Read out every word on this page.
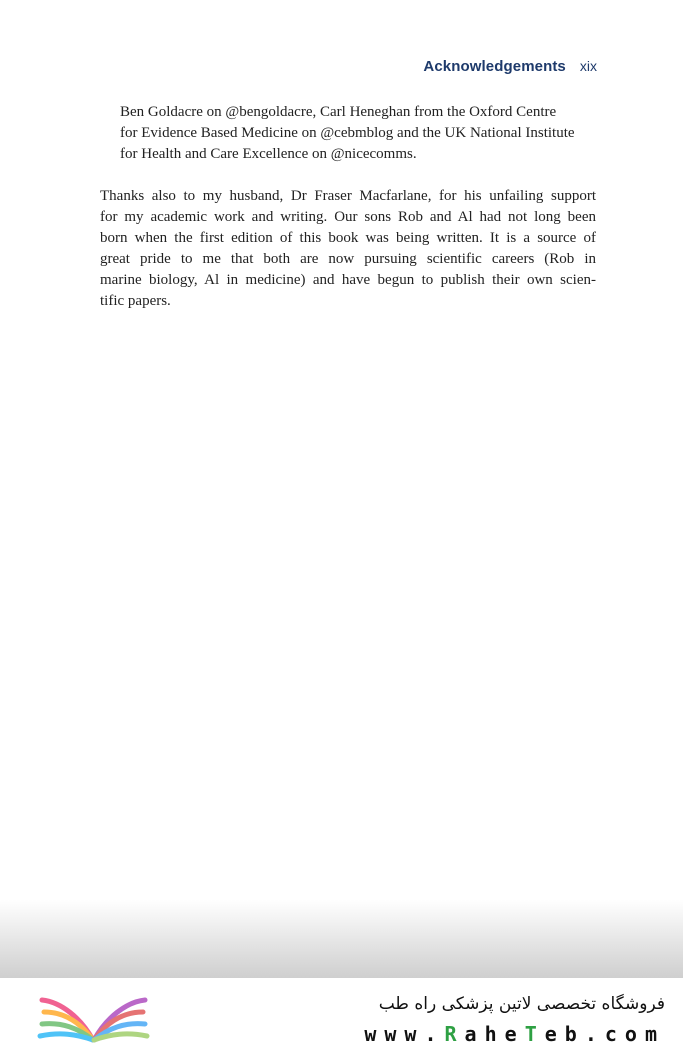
Acknowledgements xix

Ben Goldacre on @bengoldacre, Carl Heneghan from the Oxford Centre
for Evidence Based Medicine on @cebmblog and the UK National Institute
for Health and Care Excellence on @nicecomms.

Thanks also to my husband, Dr Fraser Macfarlane, for his unfailing support
for my academic work and writing. Our sons Rob and Al had not long been
born when the first edition of this book was being written. It is a source of
great pride to me that both are now pursuing scientific careers (Rob in
marine biology, Al in medicine) and have begun to publish their own scien-
tific papers.

فروشگاه تخصصی لاتین پزشکی راه طب
www.RaheTeb.com
